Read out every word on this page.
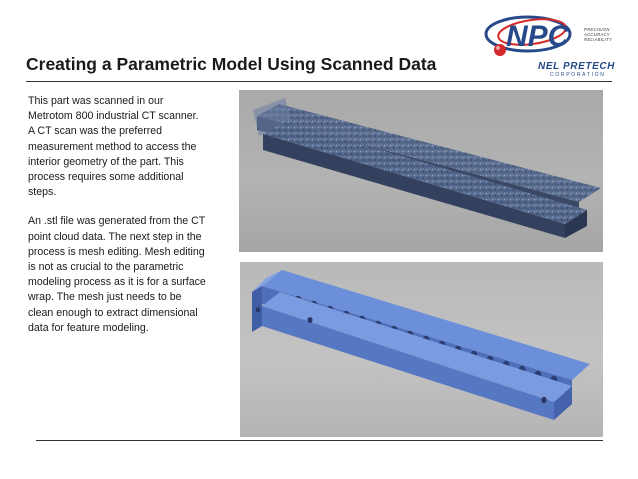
NPC	PRECISION
ACCURACY
RELIABILITY
NEL PRETECH
CORPORATION
Creating a Parametric Model Using Scanned Data

This part was scanned in our Metrotom 800 industrial CT scanner. A CT scan was the preferred measurement method to access the interior geometry of the part. This process requires some additional steps.

An .stl file was generated from the CT point cloud data. The next step in the process is mesh editing. Mesh editing is not as crucial to the parametric modeling process as it is for a surface wrap. The mesh just needs to be clean enough to extract dimensional data for feature modeling.
